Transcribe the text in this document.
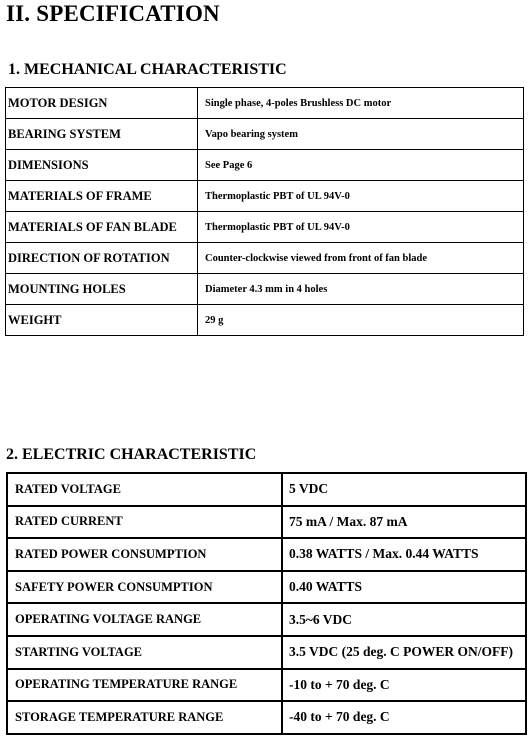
II. SPECIFICATION
1. MECHANICAL CHARACTERISTIC
MOTOR DESIGN	Single phase, 4-poles Brushless DC motor
BEARING SYSTEM	Vapo bearing system
DIMENSIONS	See Page 6
MATERIALS OF FRAME	Thermoplastic PBT of UL 94V-0
MATERIALS OF FAN BLADE	Thermoplastic PBT of UL 94V-0
DIRECTION OF ROTATION	Counter-clockwise viewed from front of fan blade
MOUNTING HOLES	Diameter 4.3 mm in 4 holes
WEIGHT	29 g
2. ELECTRIC CHARACTERISTIC
RATED VOLTAGE	5 VDC
RATED CURRENT	75 mA / Max. 87 mA
RATED POWER CONSUMPTION	0.38 WATTS / Max. 0.44 WATTS
SAFETY POWER CONSUMPTION	0.40 WATTS
OPERATING VOLTAGE RANGE	3.5~6 VDC
STARTING VOLTAGE	3.5 VDC (25 deg. C POWER ON/OFF)
OPERATING TEMPERATURE RANGE	-10 to + 70 deg. C
STORAGE TEMPERATURE RANGE	-40 to + 70 deg. C
